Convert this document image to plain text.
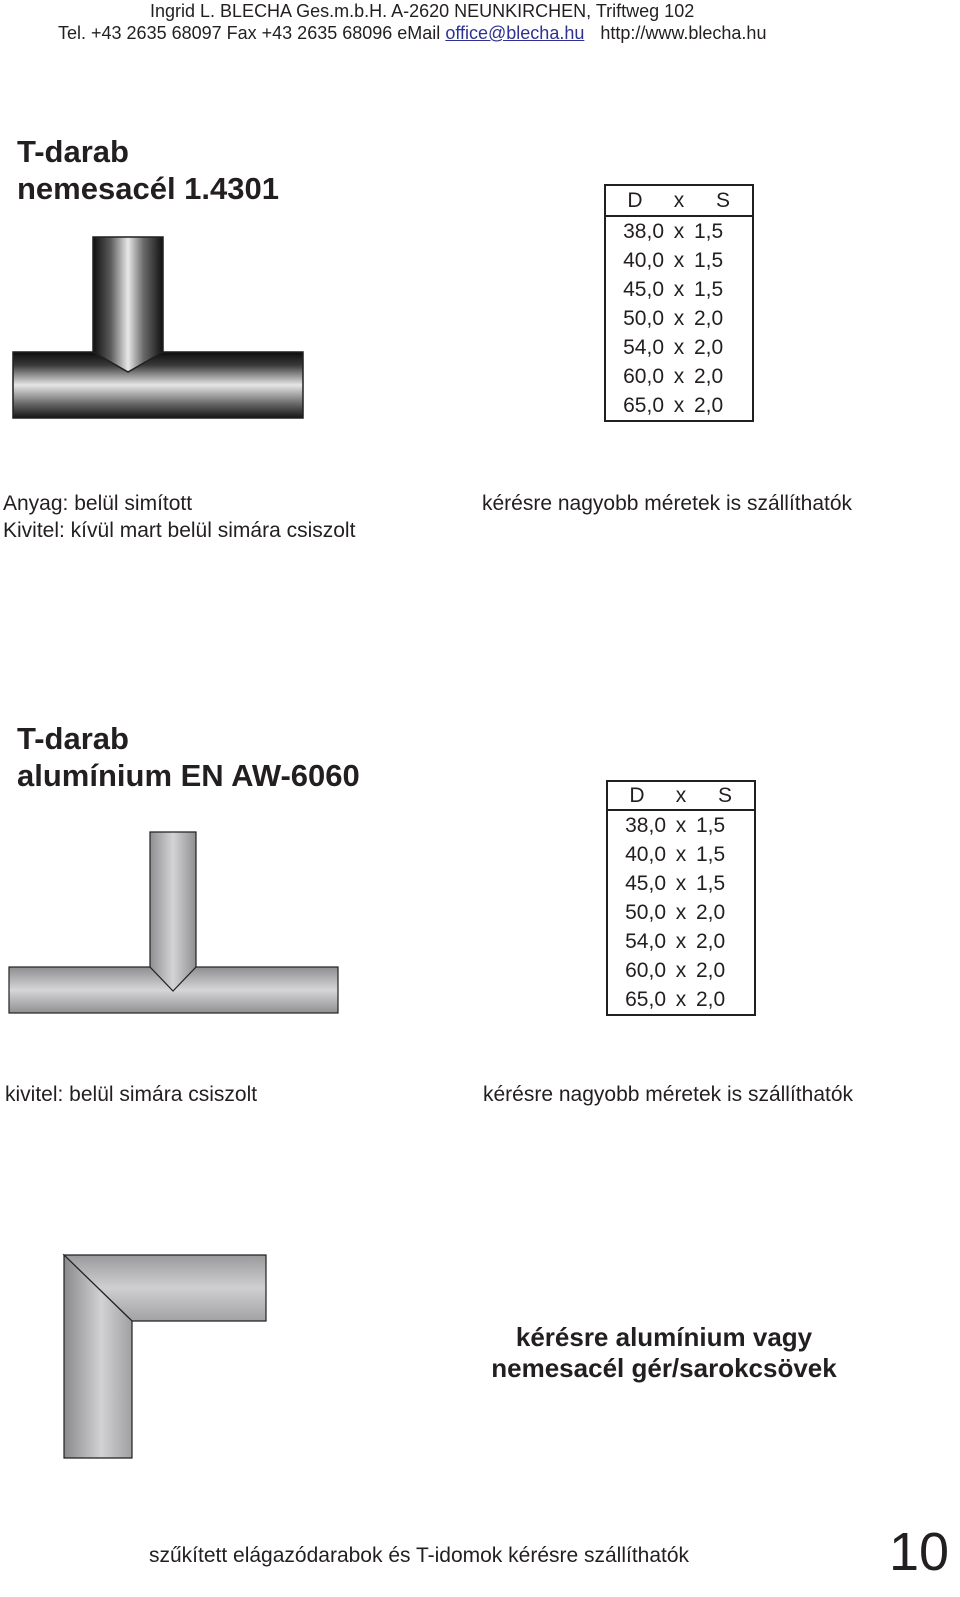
Ingrid L. BLECHA Ges.m.b.H. A-2620 NEUNKIRCHEN, Triftweg 102
Tel. +43 2635 68097 Fax +43 2635 68096 eMail office@blecha.hu http://www.blecha.hu
T-darab
nemesacél 1.4301	D	x	S
38,0	x	1,5
40,0	x	1,5
45,0	x	1,5
50,0	x	2,0
54,0	x	2,0
60,0	x	2,0
65,0	x	2,0
Anyag: belül simított
Kivitel: kívül mart belül simára csiszolt
kérésre nagyobb méretek is szállíthatók
T-darab
alumínium EN AW-6060
D	x	S
38,0	x	1,5
40,0	x	1,5
45,0	x	1,5
50,0	x	2,0
54,0	x	2,0
60,0	x	2,0
65,0	x	2,0
kivitel: belül simára csiszolt	kérésre nagyobb méretek is szállíthatók
kérésre alumínium vagy
nemesacél gér/sarokcsövek
szűkített elágazódarabok és T-idomok kérésre szállíthatók	10
